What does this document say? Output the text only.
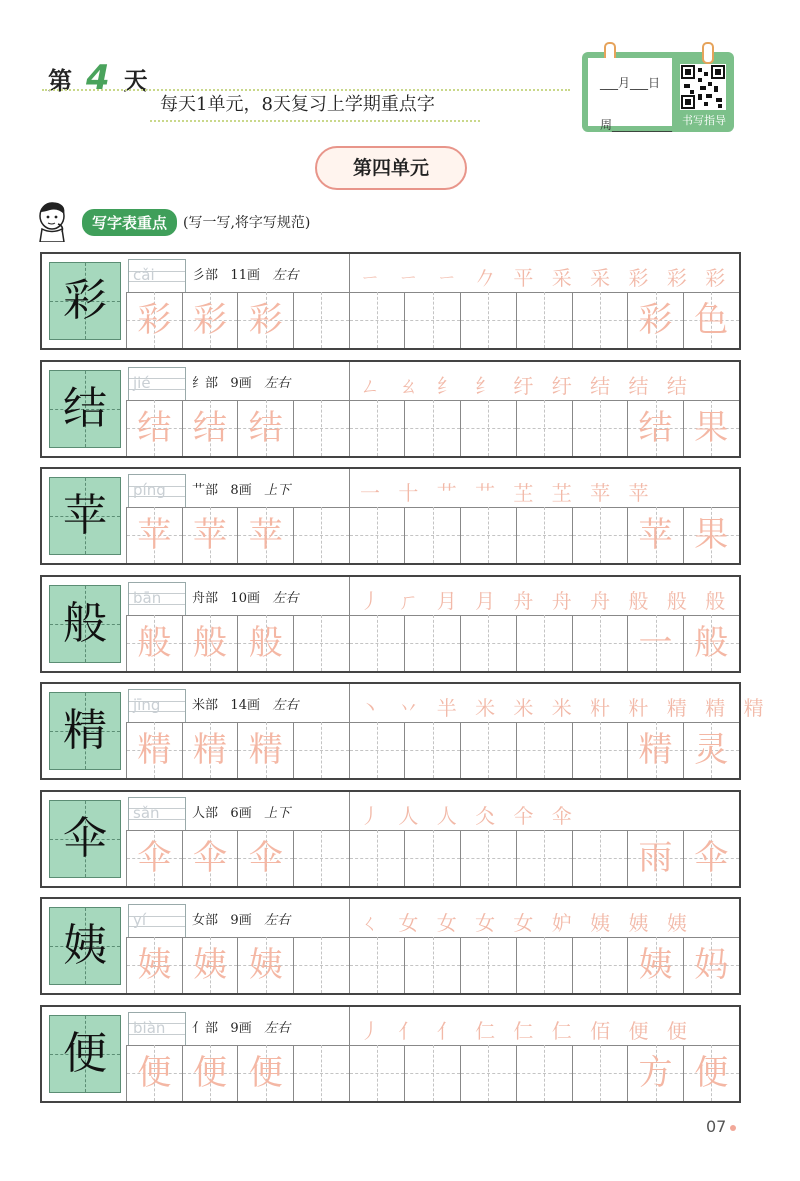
第 4 天
每天1单元，8天复习上学期重点字
___月___日
周__________ 书写指导
第四单元
写字表重点	(写一写,将字写规范)
彩	cǎi	彡部 11画 左右	ㄧ ㄧ ㄧ 𠂊 平 采 采 彩 彩 彩
彩 彩 彩	彩 色
结	jié	纟部 9画 左右	ㄥ ㄠ 纟 纟 纡 纡 结 结 结
结 结 结	结 果
苹	píng 艹部 8画 上下	一 十 艹 艹 芏 芏 苹 苹
苹 苹 苹	苹 果
般	bān 舟部 10画 左右	丿 ㄏ 月 月 舟 舟 舟 般 般 般
般 般 般	一 般
精	jīng 米部 14画 左右	丶 丷 半 米 米 米 籵 籵 精 精 精
精 精 精	精 灵
伞	sǎn 人部 6画 上下	丿 人 人 仌 仐 伞
伞 伞 伞	雨 伞
姨	yí	女部 9画 左右	ㄑ 女 女 女 女 妒 姨 姨 姨
姨 姨 姨	姨 妈
便	biàn 亻部 9画 左右	丿 亻 亻 仁 仁 仁 佰 便 便
便 便 便	方 便
07
